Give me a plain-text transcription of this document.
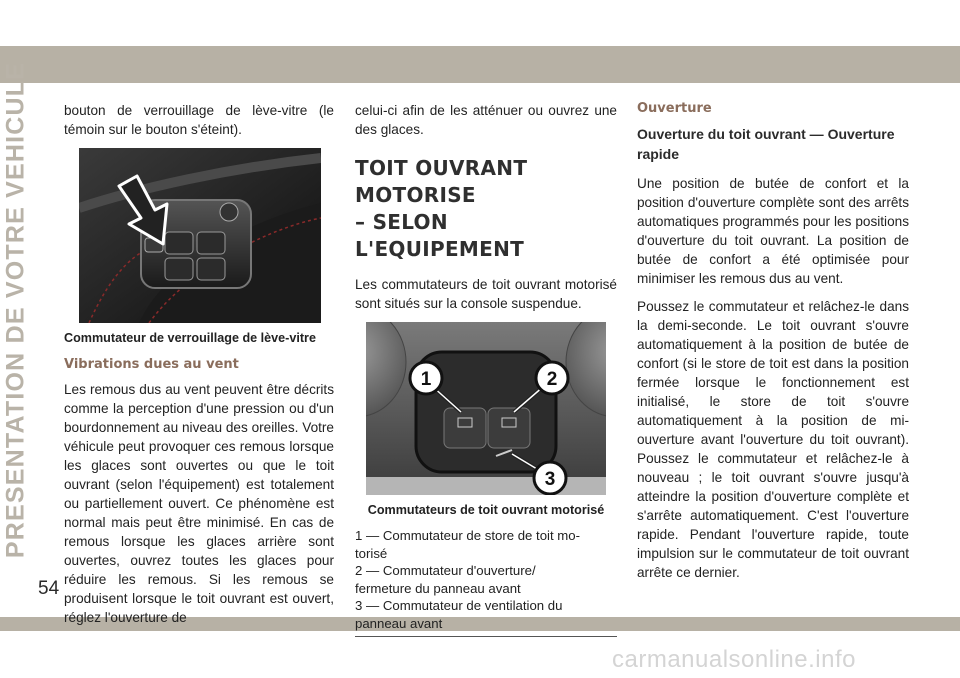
PRESENTATION DE VOTRE VEHICULE	bouton de verrouillage de lève-vitre (le témoin sur le bouton s'éteint).

Commutateur de verrouillage de lève-vitre
Vibrations dues au vent

Les remous dus au vent peuvent être décrits comme la perception d'une pression ou d'un bourdonnement au niveau des oreilles. Votre véhicule peut provoquer ces remous lorsque les glaces sont ouvertes ou que le toit ouvrant (selon l'équipement) est totalement ou partiellement ouvert. Ce phénomène est normal mais peut être minimisé. En cas de remous lorsque les glaces arrière sont ouvertes, ouvrez toutes les glaces pour réduire les remous. Si les remous se produisent lorsque le toit ouvrant est ouvert, réglez l'ouverture de

celui-ci afin de les atténuer ou ouvrez une des glaces.

TOIT OUVRANT MOTORISE
– SELON L'EQUIPEMENT

Les commutateurs de toit ouvrant motorisé sont situés sur la console suspendue.

1	2
3
Commutateurs de toit ouvrant motorisé
1 — Commutateur de store de toit mo-
torisé
2 — Commutateur d'ouverture/
fermeture du panneau avant
3 — Commutateur de ventilation du
panneau avant
Ouverture
Ouverture du toit ouvrant — Ouverture rapide

Une position de butée de confort et la position d'ouverture complète sont des arrêts automatiques programmés pour les positions d'ouverture du toit ouvrant. La position de butée de confort a été optimisée pour minimiser les remous dus au vent.

Poussez le commutateur et relâchez-le dans la demi-seconde. Le toit ouvrant s'ouvre automatiquement à la position de butée de confort (si le store de toit est dans la position fermée lorsque le fonctionnement est initialisé, le store de toit s'ouvre automatiquement à la position de mi-ouverture avant l'ouverture du toit ouvrant). Poussez le commutateur et relâchez-le à nouveau ; le toit ouvrant s'ouvre jusqu'à atteindre la position d'ouverture complète et s'arrête automatiquement. C'est l'ouverture rapide. Pendant l'ouverture rapide, toute impulsion sur le commutateur de toit ouvrant arrête ce dernier.

54
carmanualsonline.info
